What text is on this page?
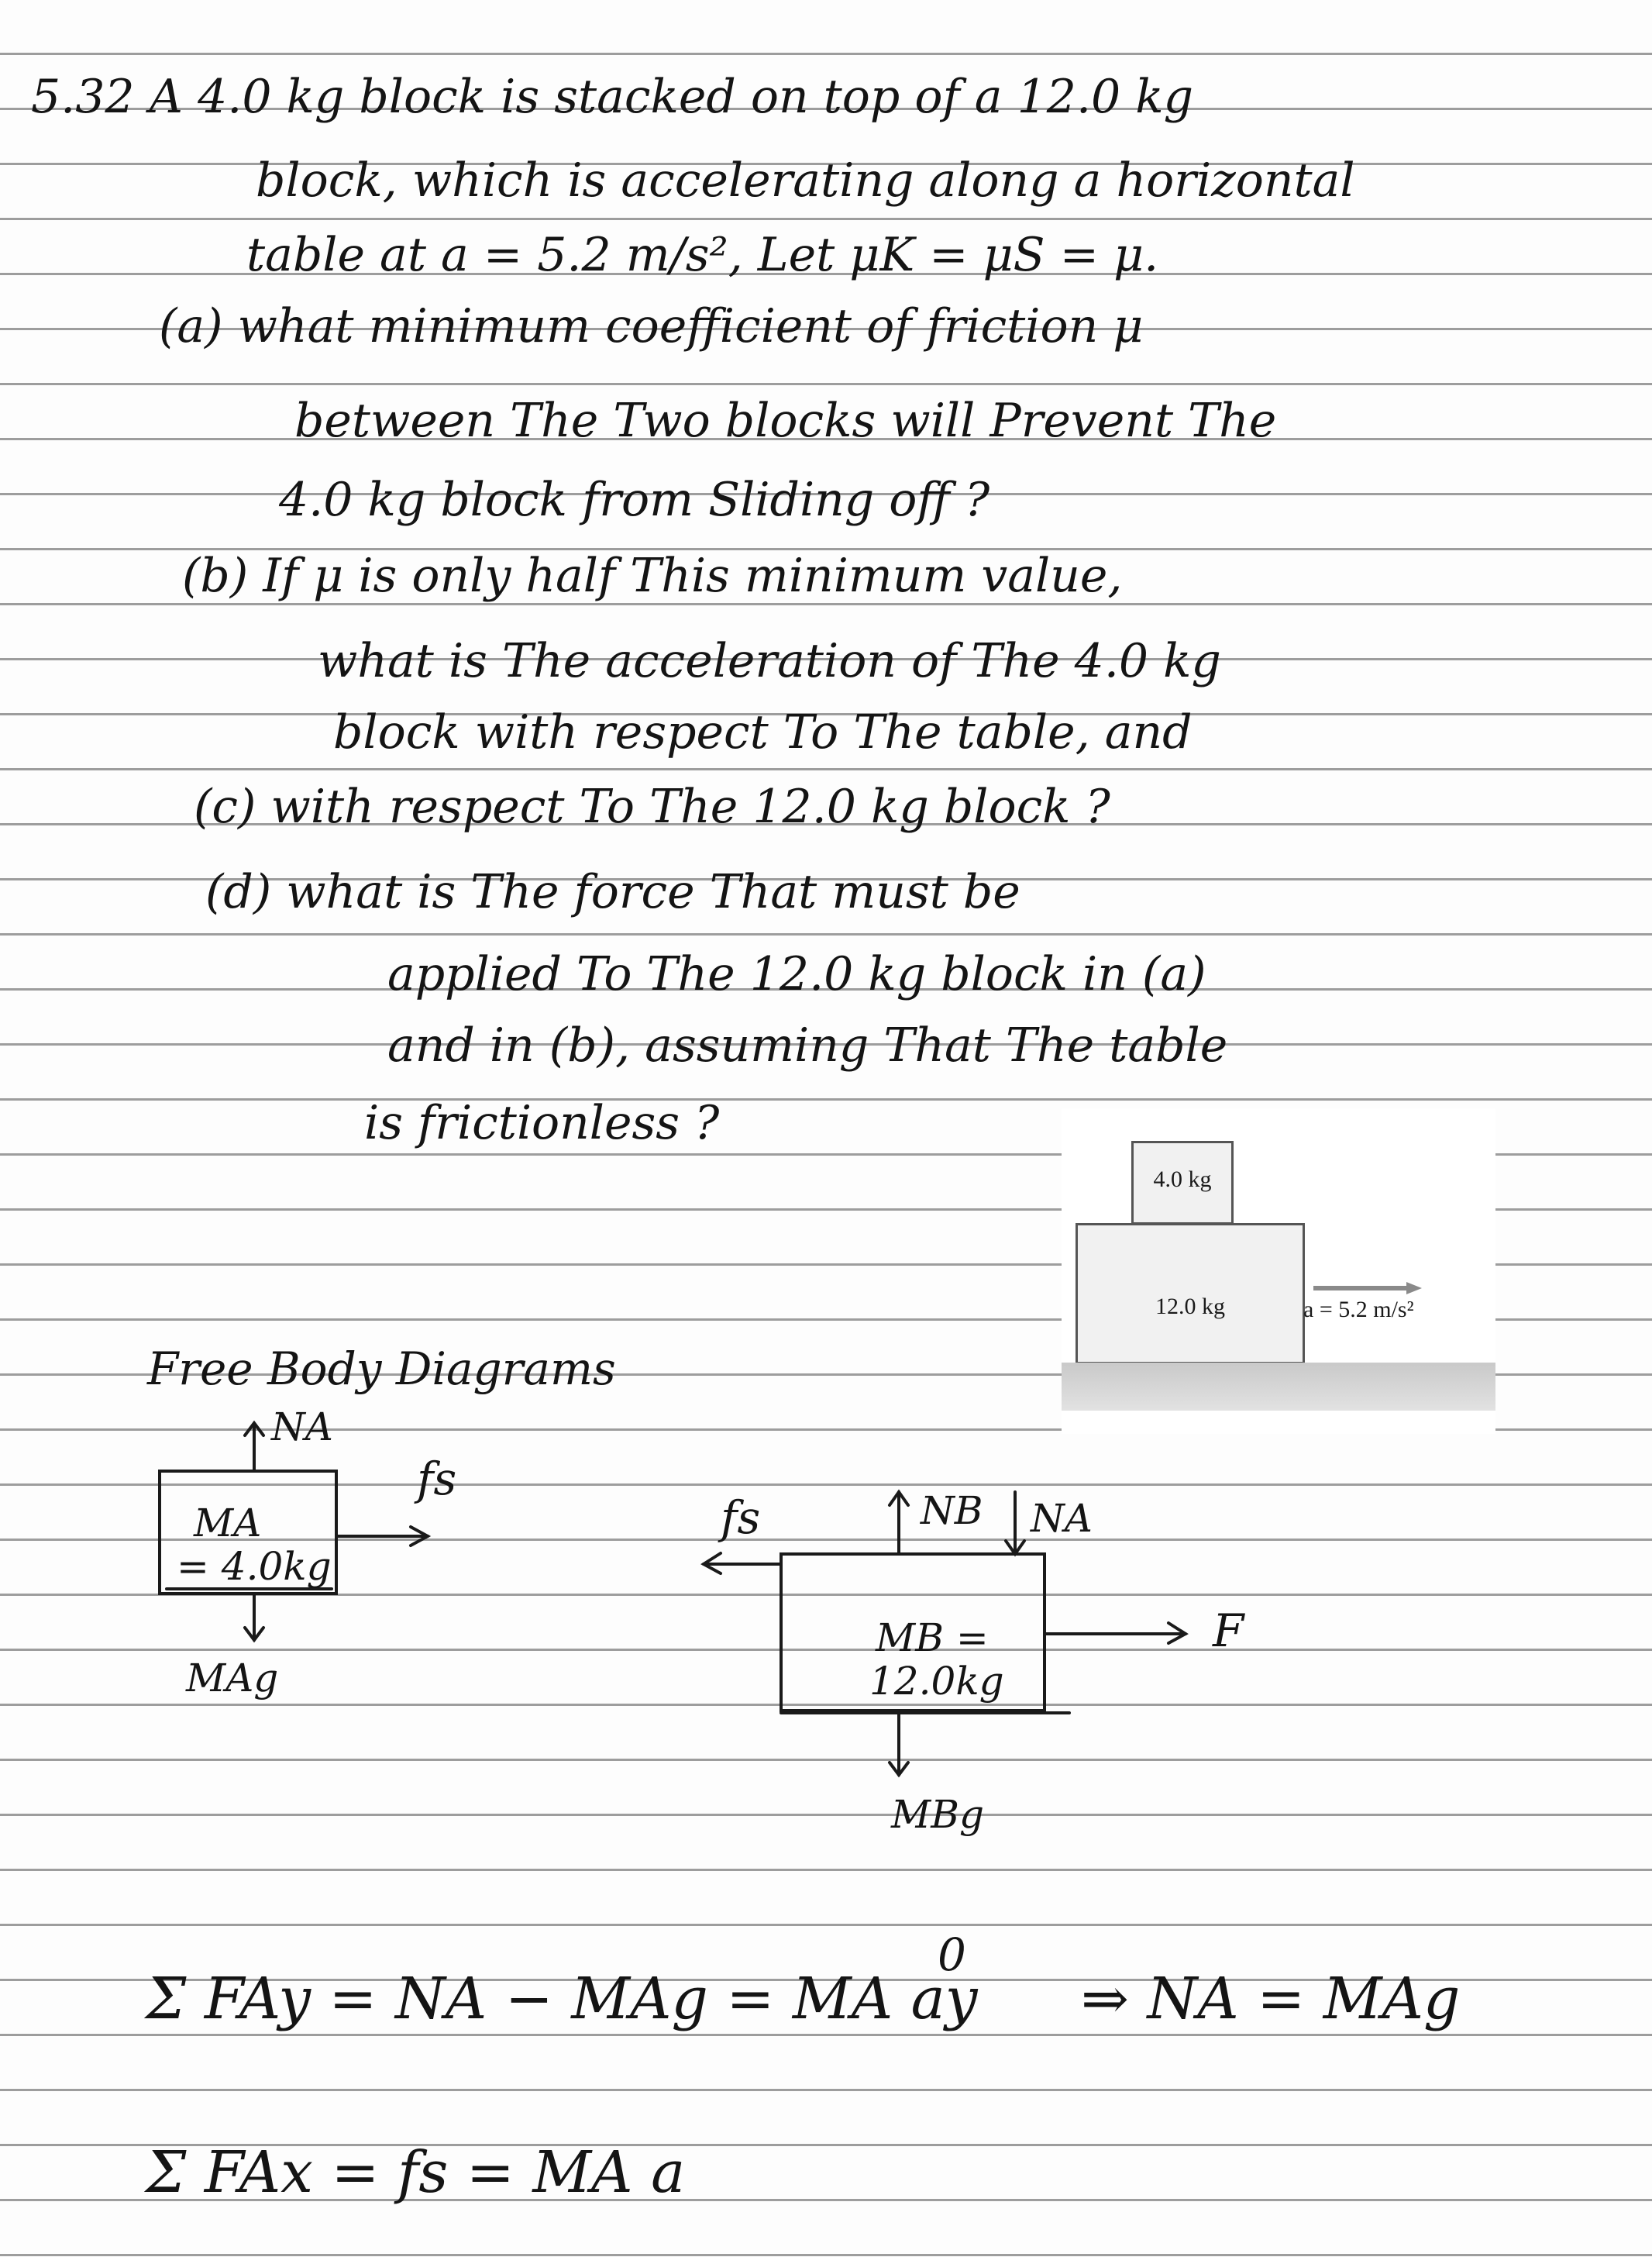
5.32 A 4.0 kg block is stacked on top of a 12.0 kg
block, which is accelerating along a horizontal
table at a = 5.2 m/s², Let μK = μS = μ.
(a) what minimum coefficient of friction μ
between The Two blocks will Prevent The
4.0 kg block from Sliding off ?
(b) If μ is only half This minimum value,
what is The acceleration of The 4.0 kg
block with respect To The table, and
(c) with respect To The 12.0 kg block ?
(d) what is The force That must be
applied To The 12.0 kg block in (a)
and in (b), assuming That The table
is frictionless ?
4.0 kg
12.0 kg	a = 5.2 m/s²
Free Body Diagrams
NA
MA
= 4.0kg
fs
MAg
fs	NB NA
MB =
12.0kg
F
MBg
Σ FAy = NA − MAg = MA ay
0
⇒ NA = MAg
Σ FAx = fs = MA a
